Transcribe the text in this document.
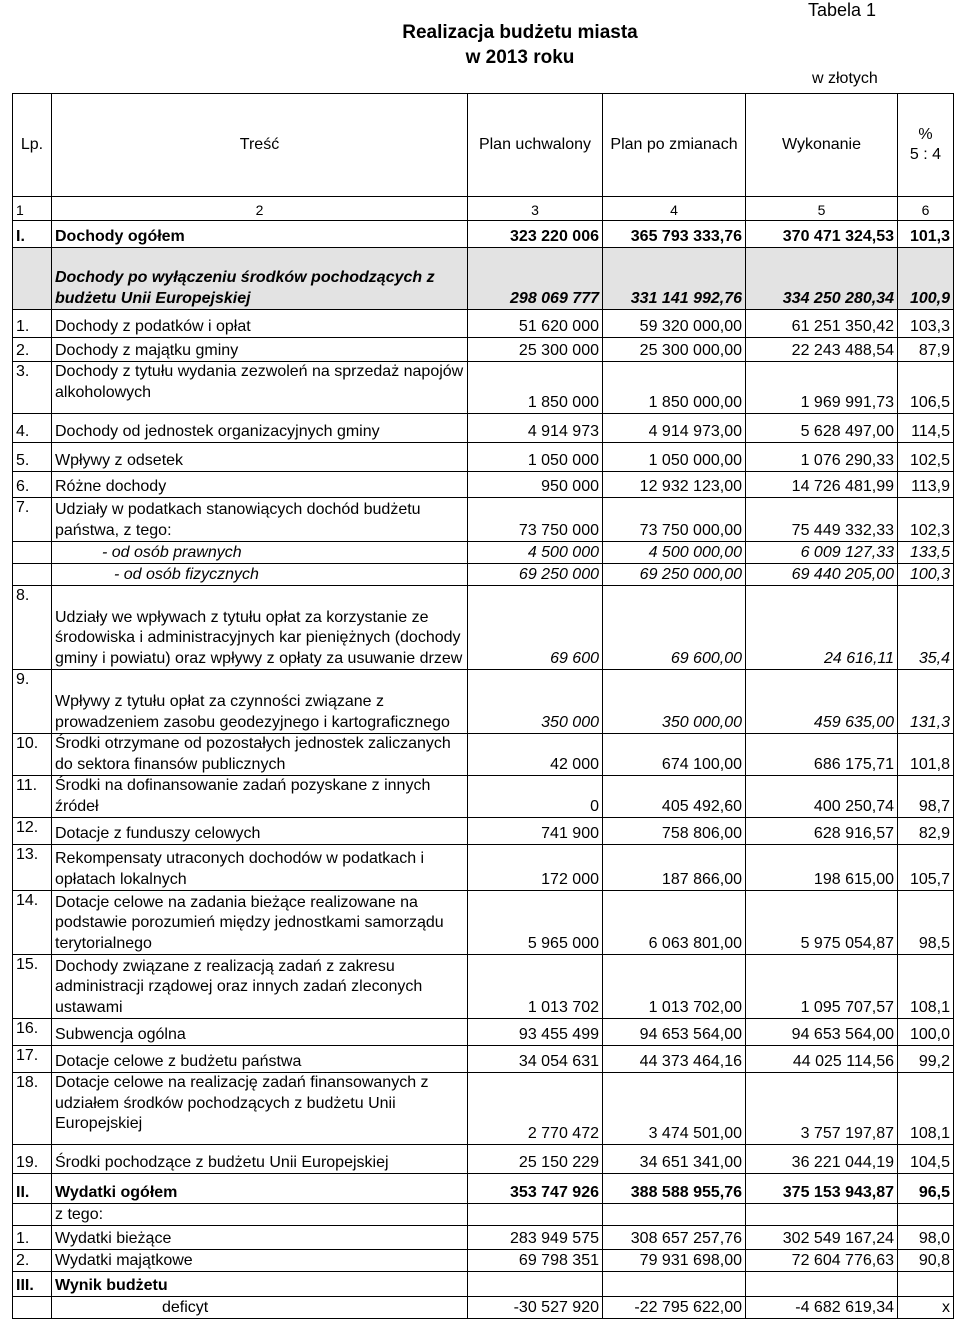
Realizacja budżetu miasta
w 2013 roku
Tabela 1
w złotych
Lp.	Treść	Plan uchwalony	Plan po zmianach	Wykonanie	%
5 : 4

1	2	3	4	5	6
I.	Dochody ogółem	323 220 006	365 793 333,76	370 471 324,53	101,3
	Dochody po wyłączeniu środków pochodzących z budżetu Unii Europejskiej	298 069 777	331 141 992,76	334 250 280,34	100,9
1.	Dochody z podatków i opłat	51 620 000	59 320 000,00	61 251 350,42	103,3
2.	Dochody z majątku gminy	25 300 000	25 300 000,00	22 243 488,54	87,9
3.	Dochody z tytułu wydania zezwoleń na sprzedaż napojów alkoholowych	1 850 000	1 850 000,00	1 969 991,73	106,5
4.	Dochody od jednostek organizacyjnych gminy	4 914 973	4 914 973,00	5 628 497,00	114,5
5.	Wpływy z odsetek	1 050 000	1 050 000,00	1 076 290,33	102,5
6.	Różne dochody	950 000	12 932 123,00	14 726 481,99	113,9
7.	Udziały w podatkach stanowiących dochód budżetu państwa, z tego:	73 750 000	73 750 000,00	75 449 332,33	102,3
	- od osób prawnych	4 500 000	4 500 000,00	6 009 127,33	133,5
	- od osób fizycznych	69 250 000	69 250 000,00	69 440 205,00	100,3
8.	Udziały we wpływach z tytułu opłat za korzystanie ze środowiska i administracyjnych kar pieniężnych (dochody gminy i powiatu) oraz wpływy z opłaty za usuwanie drzew	69 600	69 600,00	24 616,11	35,4
9.	Wpływy z tytułu opłat za czynności związane z prowadzeniem zasobu geodezyjnego i kartograficznego	350 000	350 000,00	459 635,00	131,3
10.	Środki otrzymane od pozostałych jednostek zaliczanych do sektora finansów publicznych	42 000	674 100,00	686 175,71	101,8
11.	Środki na dofinansowanie zadań pozyskane z innych źródeł	0	405 492,60	400 250,74	98,7
12.	Dotacje z funduszy celowych	741 900	758 806,00	628 916,57	82,9
13.	Rekompensaty utraconych dochodów w podatkach i opłatach lokalnych	172 000	187 866,00	198 615,00	105,7
14.	Dotacje celowe na zadania bieżące realizowane na podstawie porozumień między jednostkami samorządu terytorialnego	5 965 000	6 063 801,00	5 975 054,87	98,5
15.	Dochody związane z realizacją zadań z zakresu administracji rządowej oraz innych zadań zleconych ustawami	1 013 702	1 013 702,00	1 095 707,57	108,1
16.	Subwencja ogólna	93 455 499	94 653 564,00	94 653 564,00	100,0
17.	Dotacje celowe z budżetu państwa	34 054 631	44 373 464,16	44 025 114,56	99,2
18.	Dotacje celowe na realizację zadań finansowanych z udziałem środków pochodzących z budżetu Unii Europejskiej	2 770 472	3 474 501,00	3 757 197,87	108,1
19.	Środki pochodzące z budżetu Unii Europejskiej	25 150 229	34 651 341,00	36 221 044,19	104,5
II.	Wydatki ogółem	353 747 926	388 588 955,76	375 153 943,87	96,5
	z tego:				
1.	Wydatki bieżące	283 949 575	308 657 257,76	302 549 167,24	98,0
2.	Wydatki majątkowe	69 798 351	79 931 698,00	72 604 776,63	90,8
III.	Wynik budżetu				
	deficyt	-30 527 920	-22 795 622,00	-4 682 619,34	x
